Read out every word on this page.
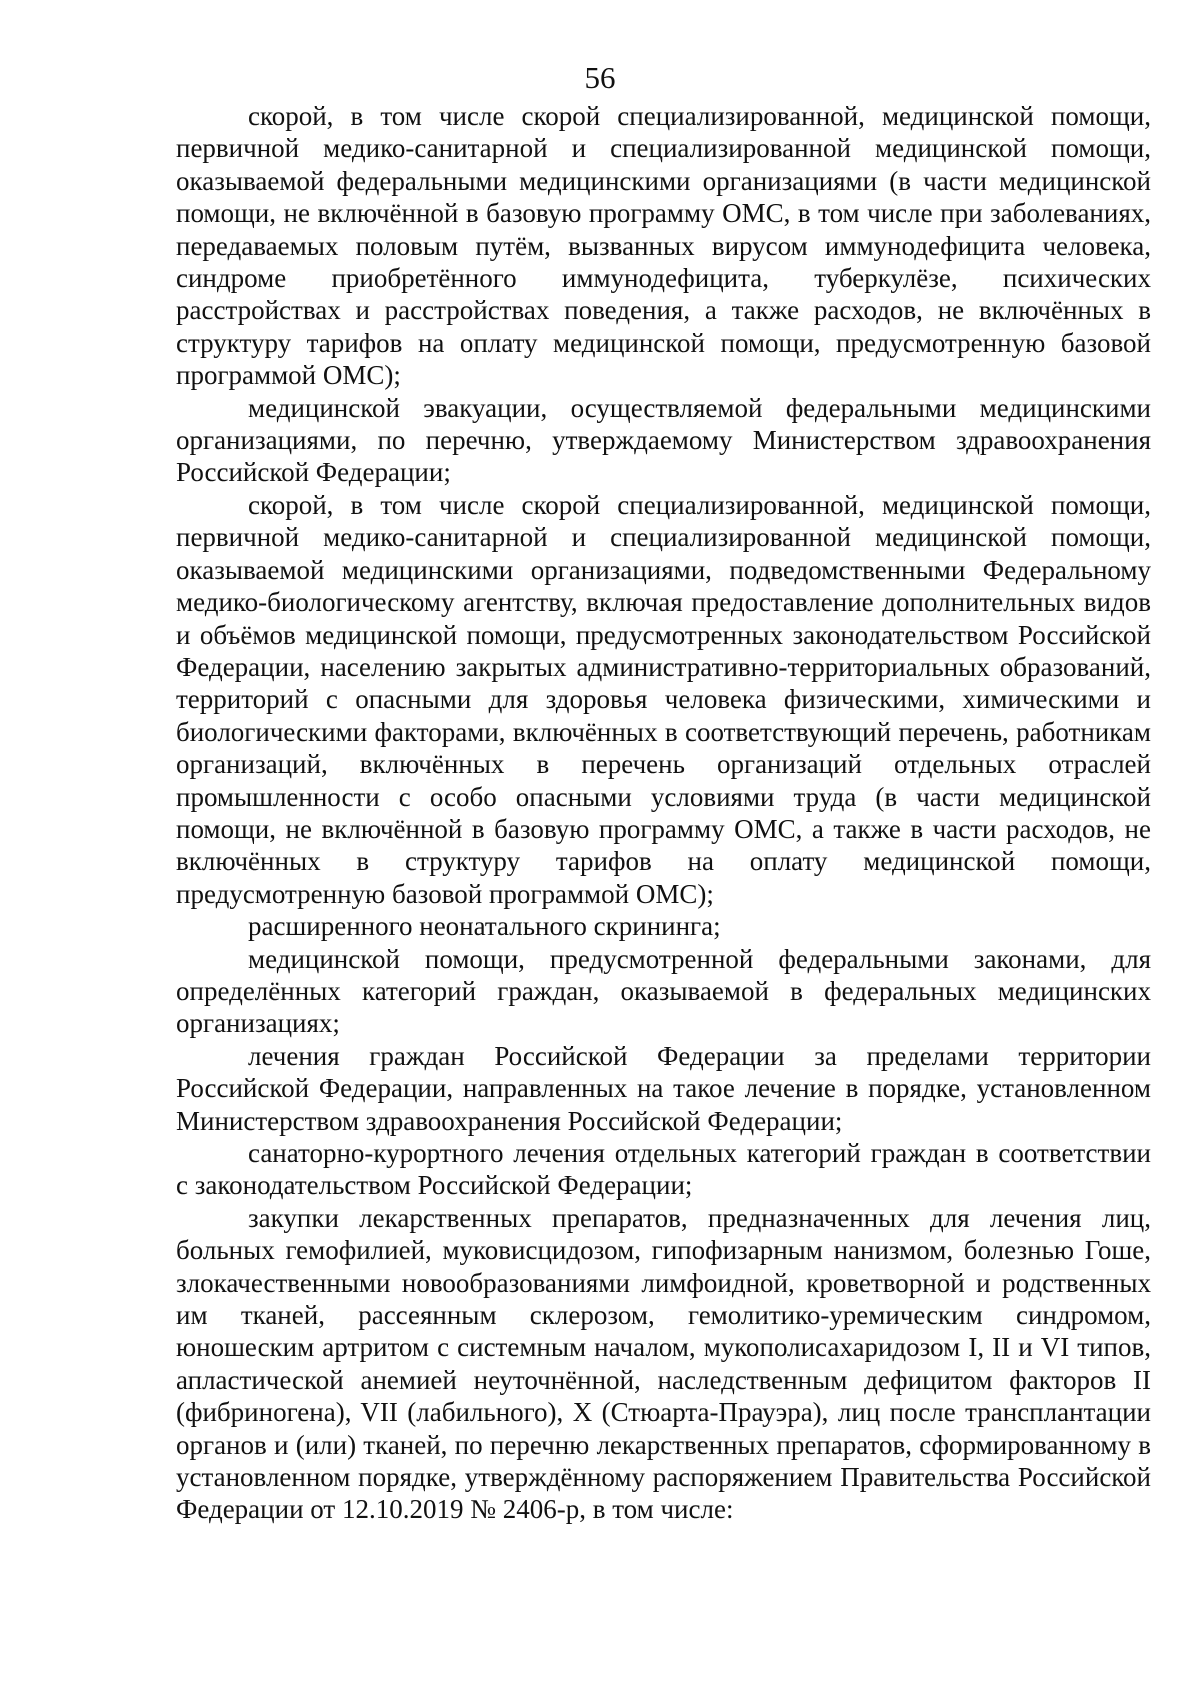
56

скорой, в том числе скорой специализированной, медицинской помощи, первичной медико-санитарной и специализированной медицинской помощи, оказываемой федеральными медицинскими организациями (в части медицинской помощи, не включённой в базовую программу ОМС, в том числе при заболеваниях, передаваемых половым путём, вызванных вирусом иммунодефицита человека, синдроме приобретённого иммунодефицита, туберкулёзе, психических расстройствах и расстройствах поведения, а также расходов, не включённых в структуру тарифов на оплату медицинской помощи, предусмотренную базовой программой ОМС);

медицинской эвакуации, осуществляемой федеральными медицинскими организациями, по перечню, утверждаемому Министерством здравоохранения Российской Федерации;

скорой, в том числе скорой специализированной, медицинской помощи, первичной медико-санитарной и специализированной медицинской помощи, оказываемой медицинскими организациями, подведомственными Федеральному медико-биологическому агентству, включая предоставление дополнительных видов и объёмов медицинской помощи, предусмотренных законодательством Российской Федерации, населению закрытых административно-территориальных образований, территорий с опасными для здоровья человека физическими, химическими и биологическими факторами, включённых в соответствующий перечень, работникам организаций, включённых в перечень организаций отдельных отраслей промышленности с особо опасными условиями труда (в части медицинской помощи, не включённой в базовую программу ОМС, а также в части расходов, не включённых в структуру тарифов на оплату медицинской помощи, предусмотренную базовой программой ОМС);

расширенного неонатального скрининга;

медицинской помощи, предусмотренной федеральными законами, для определённых категорий граждан, оказываемой в федеральных медицинских организациях;

лечения граждан Российской Федерации за пределами территории Российской Федерации, направленных на такое лечение в порядке, установленном Министерством здравоохранения Российской Федерации;

санаторно-курортного лечения отдельных категорий граждан в соответствии с законодательством Российской Федерации;

закупки лекарственных препаратов, предназначенных для лечения лиц, больных гемофилией, муковисцидозом, гипофизарным нанизмом, болезнью Гоше, злокачественными новообразованиями лимфоидной, кроветворной и родственных им тканей, рассеянным склерозом, гемолитико-уремическим синдромом, юношеским артритом с системным началом, мукополисахаридозом I, II и VI типов, апластической анемией неуточнённой, наследственным дефицитом факторов II (фибриногена), VII (лабильного), X (Стюарта-Прауэра), лиц после трансплантации органов и (или) тканей, по перечню лекарственных препаратов, сформированному в установленном порядке, утверждённому распоряжением Правительства Российской Федерации от 12.10.2019 № 2406-р, в том числе:
